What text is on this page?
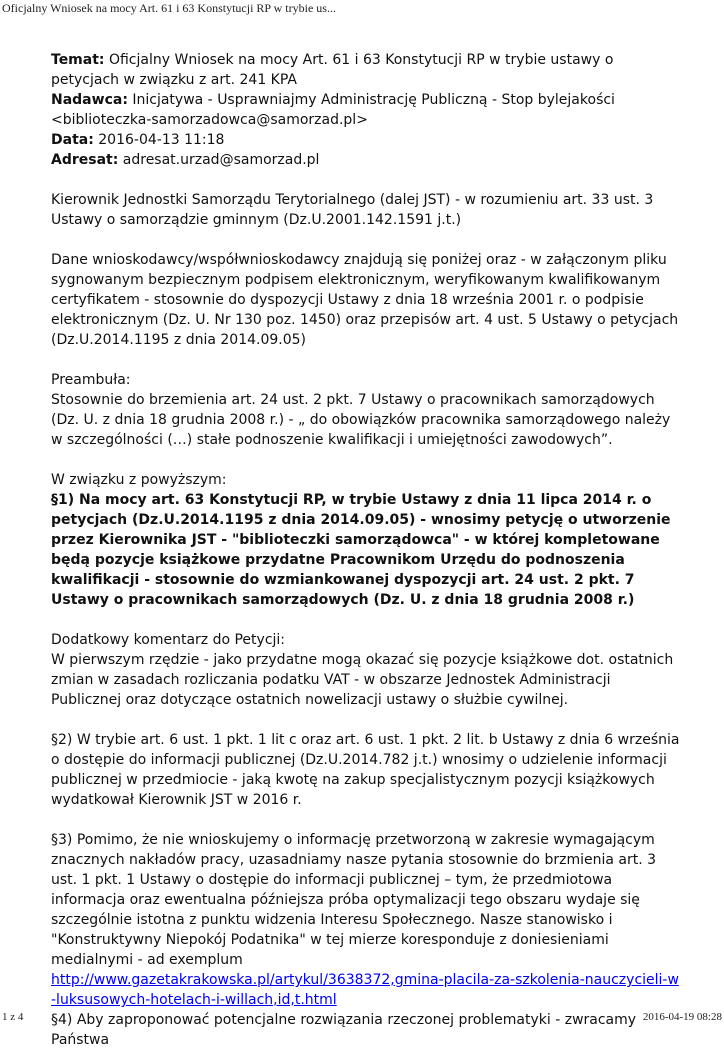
Oficjalny Wniosek na mocy Art. 61 i 63 Konstytucji RP w trybie us...

Temat: Oficjalny Wniosek na mocy Art. 61 i 63 Konstytucji RP w trybie ustawy o petycjach w związku z art. 241 KPA

Nadawca: Inicjatywa - Usprawniajmy Administrację Publiczną - Stop bylejakości <biblioteczka-samorzadowca@samorzad.pl>

Data: 2016-04-13 11:18

Adresat: adresat.urzad@samorzad.pl

Kierownik Jednostki Samorządu Terytorialnego (dalej JST) - w rozumieniu art. 33 ust. 3 Ustawy o samorządzie gminnym (Dz.U.2001.142.1591 j.t.)

Dane wnioskodawcy/współwnioskodawcy znajdują się poniżej oraz - w załączonym pliku sygnowanym bezpiecznym podpisem elektronicznym, weryfikowanym kwalifikowanym certyfikatem - stosownie do dyspozycji Ustawy z dnia 18 września 2001 r. o podpisie elektronicznym (Dz. U. Nr 130 poz. 1450) oraz przepisów art. 4 ust. 5 Ustawy o petycjach (Dz.U.2014.1195 z dnia 2014.09.05)

Preambuła:

Stosownie do brzemienia art. 24 ust. 2 pkt. 7 Ustawy o pracownikach samorządowych (Dz. U. z dnia 18 grudnia 2008 r.) - „ do obowiązków pracownika samorządowego należy w szczególności (…) stałe podnoszenie kwalifikacji i umiejętności zawodowych”.

W związku z powyższym:

§1) Na mocy art. 63 Konstytucji RP, w trybie Ustawy z dnia 11 lipca 2014 r. o petycjach (Dz.U.2014.1195 z dnia 2014.09.05) - wnosimy petycję o utworzenie przez Kierownika JST - "biblioteczki samorządowca" - w której kompletowane będą pozycje książkowe przydatne Pracownikom Urzędu do podnoszenia kwalifikacji - stosownie do wzmiankowanej dyspozycji art. 24 ust. 2 pkt. 7 Ustawy o pracownikach samorządowych (Dz. U. z dnia 18 grudnia 2008 r.)

Dodatkowy komentarz do Petycji:

W pierwszym rzędzie - jako przydatne mogą okazać się pozycje książkowe dot. ostatnich zmian w zasadach rozliczania podatku VAT - w obszarze Jednostek Administracji Publicznej oraz dotyczące ostatnich nowelizacji ustawy o służbie cywilnej.

§2) W trybie art. 6 ust. 1 pkt. 1 lit c oraz art. 6 ust. 1 pkt. 2 lit. b Ustawy z dnia 6 września o dostępie do informacji publicznej (Dz.U.2014.782 j.t.) wnosimy o udzielenie informacji publicznej w przedmiocie - jaką kwotę na zakup specjalistycznym pozycji książkowych wydatkował Kierownik JST w 2016 r.

§3) Pomimo, że nie wnioskujemy o informację przetworzoną w zakresie wymagającym znacznych nakładów pracy, uzasadniamy nasze pytania stosownie do brzmienia art. 3 ust. 1 pkt. 1 Ustawy o dostępie do informacji publicznej – tym, że przedmiotowa informacja oraz ewentualna późniejsza próba optymalizacji tego obszaru wydaje się szczególnie istotna z punktu widzenia Interesu Społecznego. Nasze stanowisko i "Konstruktywny Niepokój Podatnika" w tej mierze koresponduje z doniesieniami medialnymi - ad exemplum

http://www.gazetakrakowska.pl/artykul/3638372,gmina-placila-za-szkolenia-nauczycieli-w-luksusowych-hotelach-i-willach,id,t.html

§4) Aby zaproponować potencjalne rozwiązania rzeczonej problematyki - zwracamy Państwa

1 z 4	2016-04-19 08:28
